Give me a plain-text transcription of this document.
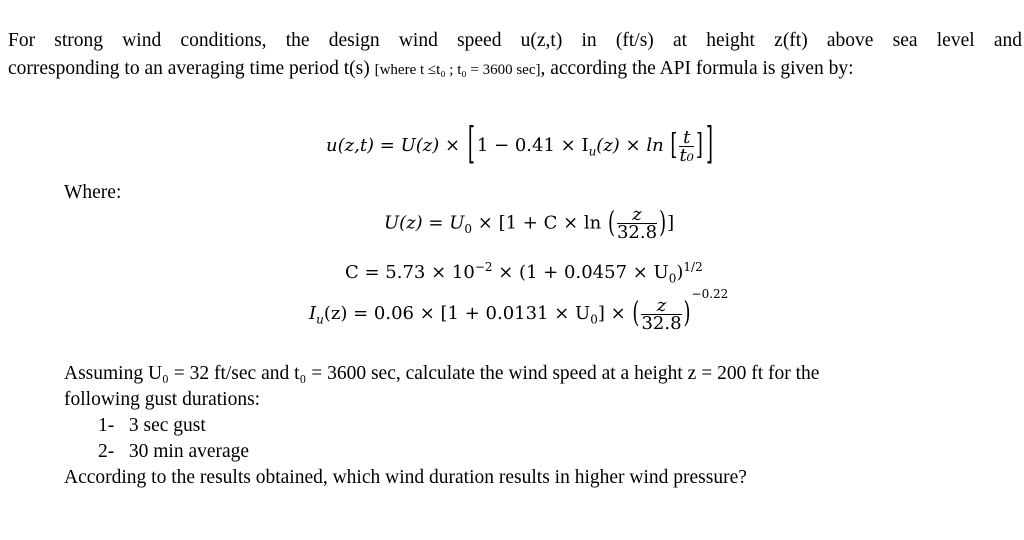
For strong wind conditions, the design wind speed u(z,t) in (ft/s) at height z(ft) above sea level and
corresponding to an averaging time period t(s) [where t ≤t₀ ; t₀ = 3600 sec], according the API formula is given by:
u(z,t) = U(z) × [ $1 - 0.41 \times I_u(z) \times \ln$ [ $\frac{t}{\text{t₀}}$ ] ]
Where:
$U(z) = U_0 \times [1 + C \times \ln$ ( $\frac{z}{32.8}$ )]
$C = 5.73 \times 10^{-2} \times (1 + 0.0457 \times U_0)^{1/2}$
$I_u(z) = 0.06 \times [1 + 0.0131 \times U_0]$ × ( $\frac{z}{32.8} )^{-0.22}$
Assuming U₀ = 32 ft/sec and t₀ = 3600 sec, calculate the wind speed at a height z = 200 ft for the
following gust durations:
1-   3 sec gust
2-   30 min average
According to the results obtained, which wind duration results in higher wind pressure?
